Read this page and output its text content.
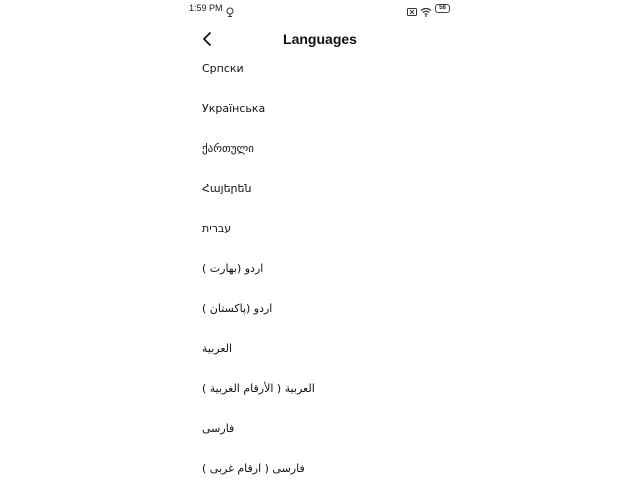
1:59 PM	58
Languages
Српски
Українська
ქართული
Հայերեն
עברית
اردو (بھارت )
اردو (پاکستان )
العربية
العربية ( الأرقام الغربية )
فارسی
فارسی ( ارقام غربی )
